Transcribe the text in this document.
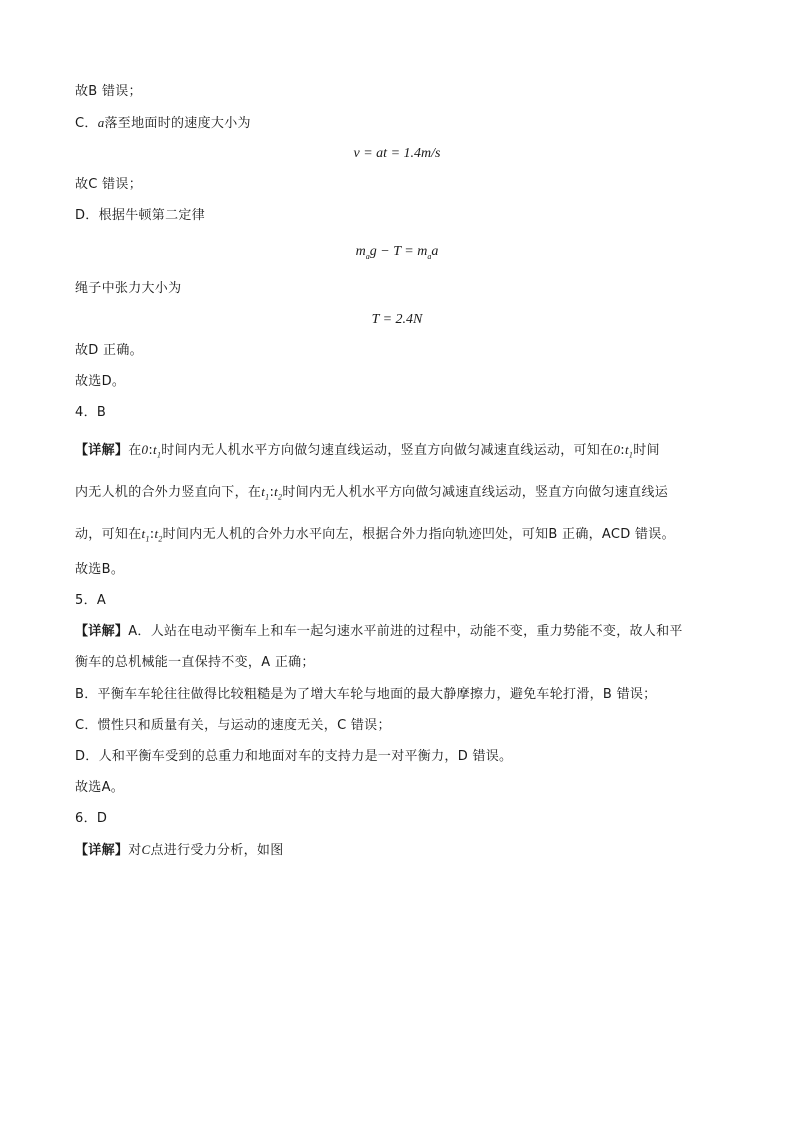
故B 错误；
C．a落至地面时的速度大小为
v = at = 1.4m/s
故C 错误；
D．根据牛顿第二定律
$m_ag - T = m_aa$
绳子中张力大小为
T = 2.4N
故D 正确。
故选D。
4．B
【详解】在$0:t_1$时间内无人机水平方向做匀速直线运动，竖直方向做匀减速直线运动，可知在$0:t_1$时间
内无人机的合外力竖直向下，在$t_1:t_2$时间内无人机水平方向做匀减速直线运动，竖直方向做匀速直线运
动，可知在$t_1:t_2$时间内无人机的合外力水平向左，根据合外力指向轨迹凹处，可知B 正确，ACD 错误。
故选B。
5．A
【详解】A．人站在电动平衡车上和车一起匀速水平前进的过程中，动能不变，重力势能不变，故人和平
衡车的总机械能一直保持不变，A 正确；
B．平衡车车轮往往做得比较粗糙是为了增大车轮与地面的最大静摩擦力，避免车轮打滑，B 错误；
C．惯性只和质量有关，与运动的速度无关，C 错误；
D．人和平衡车受到的总重力和地面对车的支持力是一对平衡力，D 错误。
故选A。
6．D
【详解】对C点进行受力分析，如图
